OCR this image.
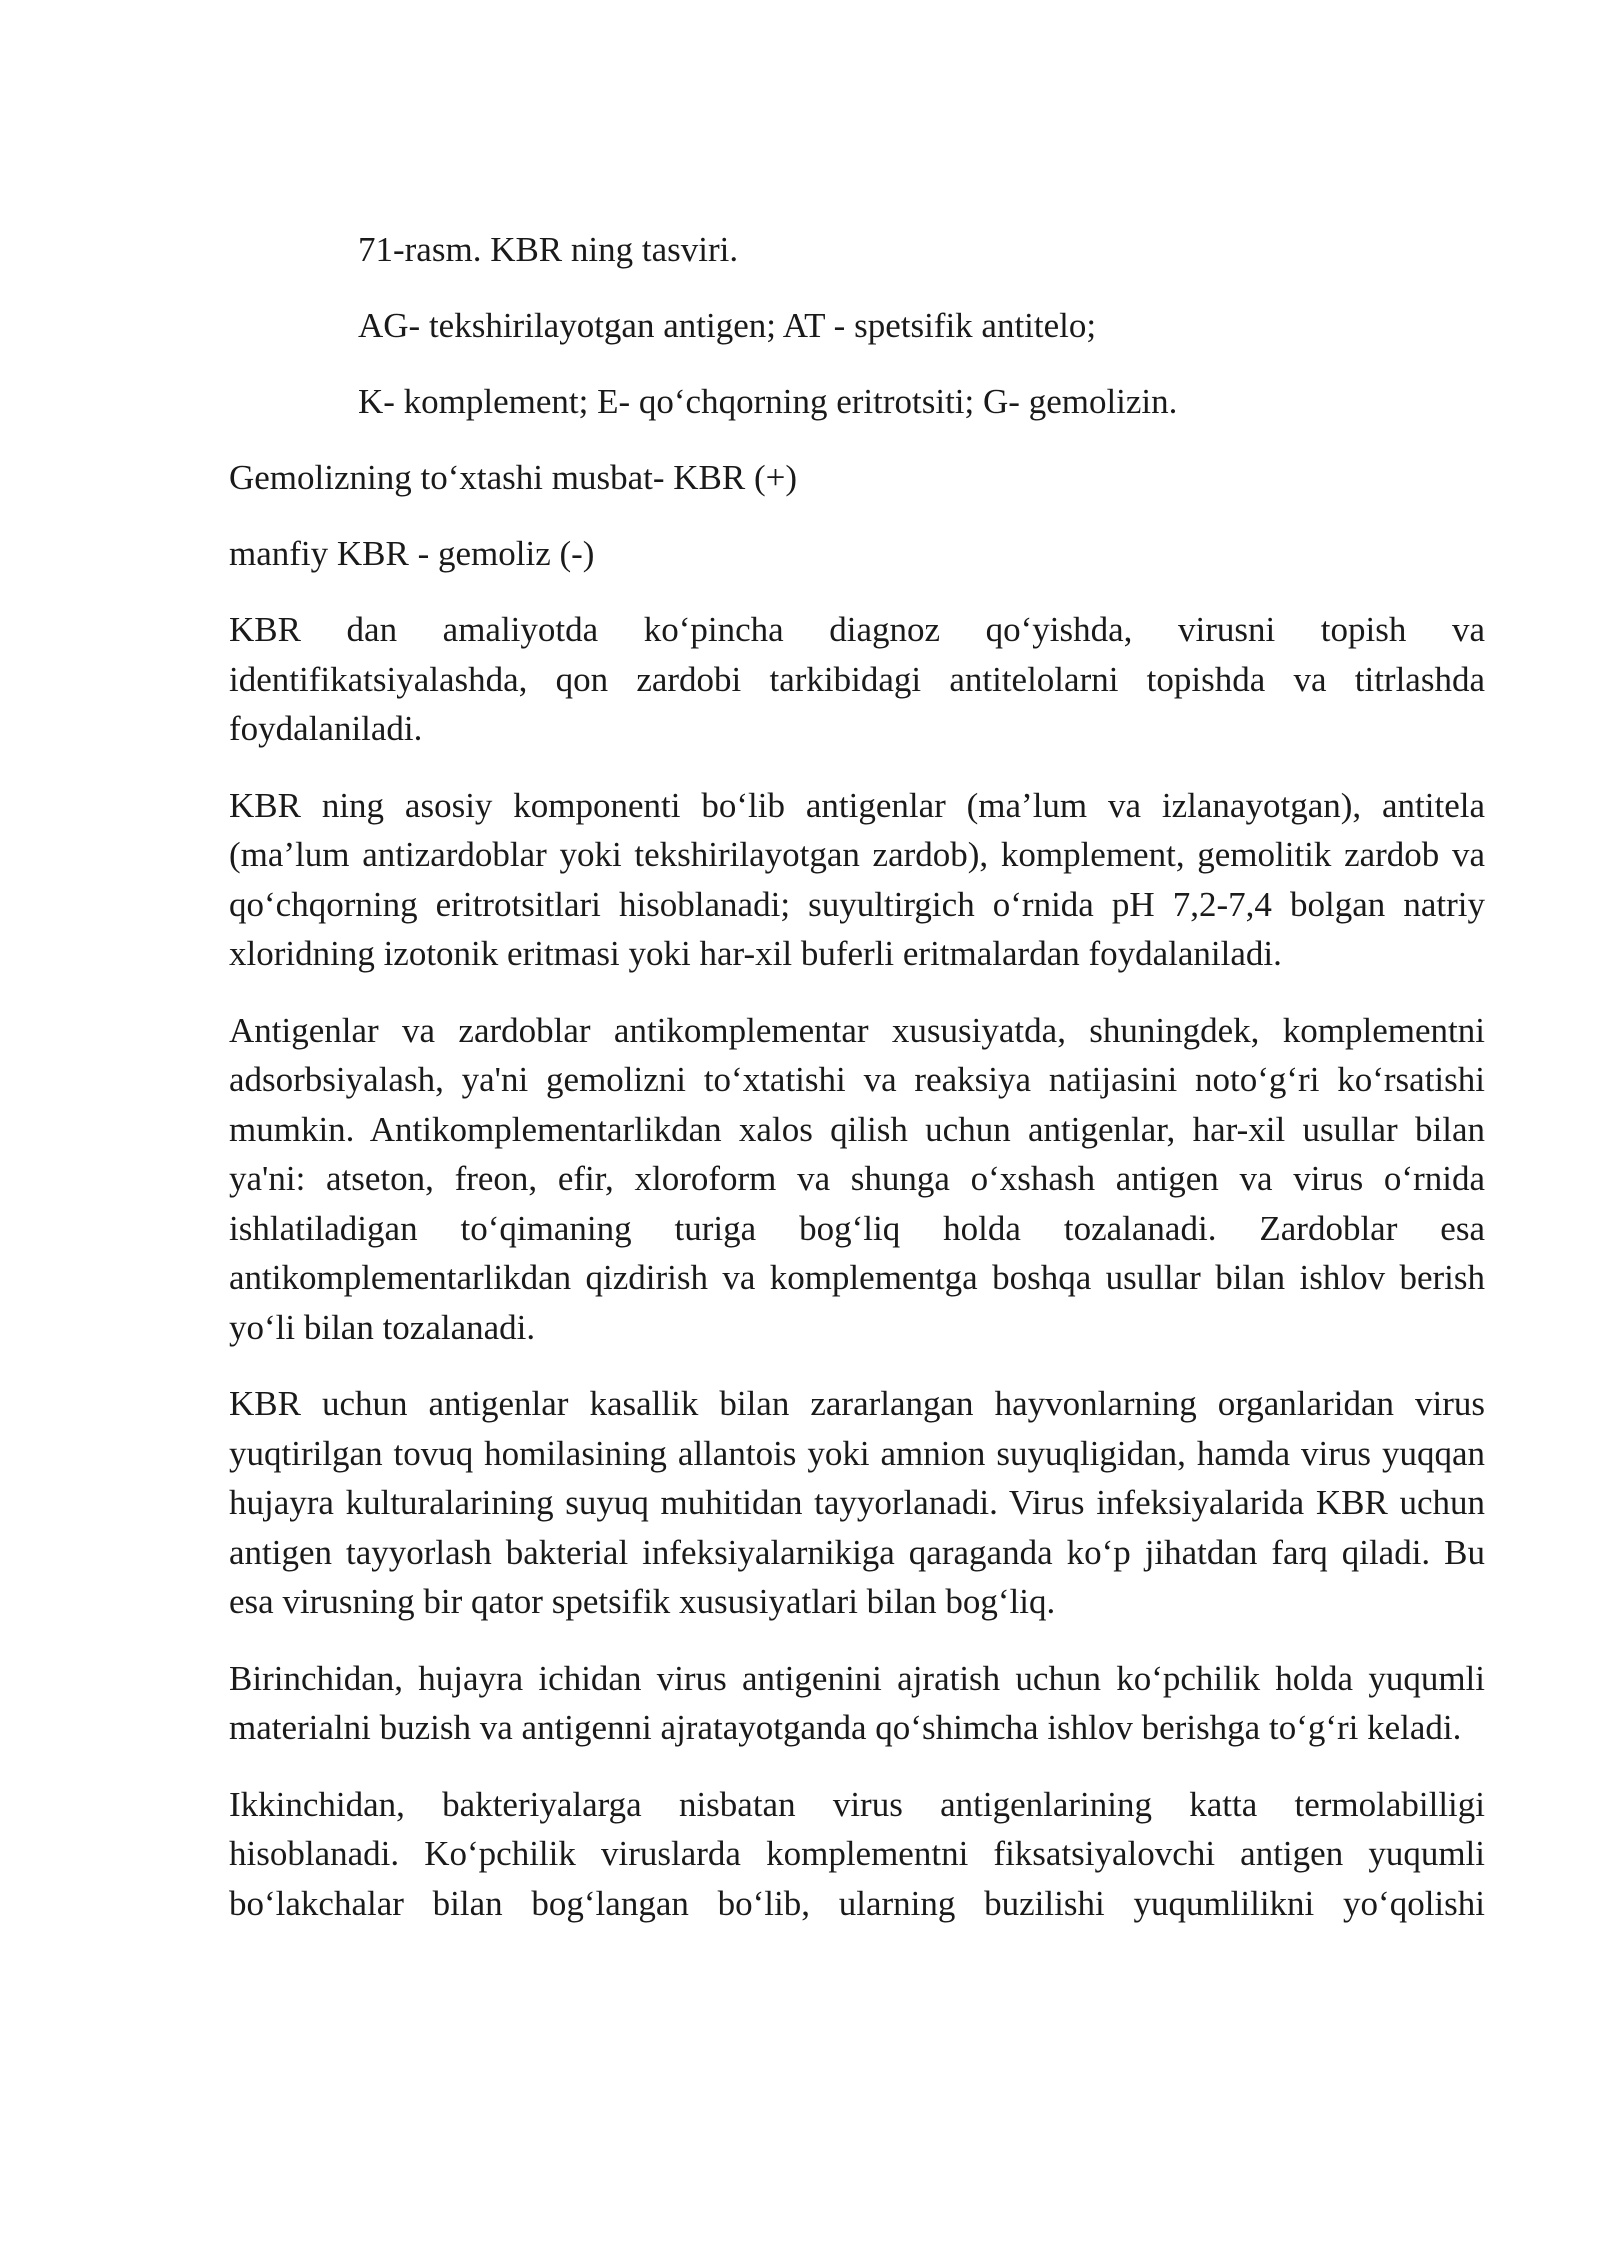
71-rasm. KBR ning tasviri.

AG- tekshirilayotgan antigen; AT - spetsifik antitelo;

K- komplement; E- qo‘chqorning eritrotsiti; G- gemolizin.

Gemolizning to‘xtashi musbat- KBR (+)

manfiy KBR - gemoliz (-)

KBR dan amaliyotda ko‘pincha diagnoz qo‘yishda, virusni topish va identifikatsiyalashda, qon zardobi tarkibidagi antitelolarni topishda va titrlashda foydalaniladi.

KBR ning asosiy komponenti bo‘lib antigenlar (ma’lum va izlanayotgan), antitela (ma’lum antizardoblar yoki tekshirilayotgan zardob), komplement, gemolitik zardob va qo‘chqorning eritrotsitlari hisoblanadi; suyultirgich o‘rnida pH 7,2-7,4 bolgan natriy xloridning izotonik eritmasi yoki har-xil buferli eritmalardan foydalaniladi.

Antigenlar va zardoblar antikomplementar xususiyatda, shuningdek, komplementni adsorbsiyalash, ya'ni gemolizni to‘xtatishi va reaksiya natijasini noto‘g‘ri ko‘rsatishi mumkin. Antikomplementarlikdan xalos qilish uchun antigenlar, har-xil usullar bilan ya'ni: atseton, freon, efir, xloroform va shunga o‘xshash antigen va virus o‘rnida ishlatiladigan to‘qimaning turiga bog‘liq holda tozalanadi. Zardoblar esa antikomplementarlikdan qizdirish va komplementga boshqa usullar bilan ishlov berish yo‘li bilan tozalanadi.

KBR uchun antigenlar kasallik bilan zararlangan hayvonlarning organlaridan virus yuqtirilgan tovuq homilasining allantois yoki amnion suyuqligidan, hamda virus yuqqan hujayra kulturalarining suyuq muhitidan tayyorlanadi. Virus infeksiyalarida KBR uchun antigen tayyorlash bakterial infeksiyalarnikiga qaraganda ko‘p jihatdan farq qiladi. Bu esa virusning bir qator spetsifik xususiyatlari bilan bog‘liq.

Birinchidan, hujayra ichidan virus antigenini ajratish uchun ko‘pchilik holda yuqumli materialni buzish va antigenni ajratayotganda qo‘shimcha ishlov berishga to‘g‘ri keladi.

Ikkinchidan, bakteriyalarga nisbatan virus antigenlarining katta termolabilligi hisoblanadi. Ko‘pchilik viruslarda komplementni fiksatsiyalovchi antigen yuqumli bo‘lakchalar bilan bog‘langan bo‘lib, ularning buzilishi yuqumlilikni yo‘qolishi
